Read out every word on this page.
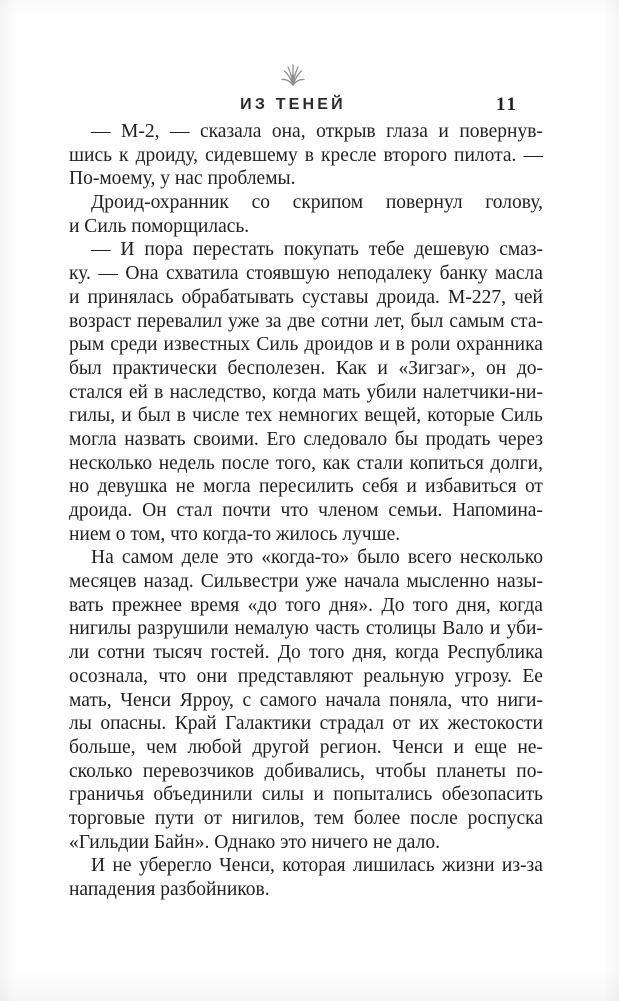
ИЗ ТЕНЕЙ	11
— М-2, — сказала она, открыв глаза и повернув-
шись к дроиду, сидевшему в кресле второго пилота. —
По-моему, у нас проблемы.
Дроид-охранник со скрипом повернул голову,
и Силь поморщилась.
— И пора перестать покупать тебе дешевую смаз-
ку. — Она схватила стоявшую неподалеку банку масла
и принялась обрабатывать суставы дроида. М-227, чей
возраст перевалил уже за две сотни лет, был самым ста-
рым среди известных Силь дроидов и в роли охранника
был практически бесполезен. Как и «Зигзаг», он до-
стался ей в наследство, когда мать убили налетчики-ни-
гилы, и был в числе тех немногих вещей, которые Силь
могла назвать своими. Его следовало бы продать через
несколько недель после того, как стали копиться долги,
но девушка не могла пересилить себя и избавиться от
дроида. Он стал почти что членом семьи. Напомина-
нием о том, что когда-то жилось лучше.
На самом деле это «когда-то» было всего несколько
месяцев назад. Сильвестри уже начала мысленно назы-
вать прежнее время «до того дня». До того дня, когда
нигилы разрушили немалую часть столицы Вало и уби-
ли сотни тысяч гостей. До того дня, когда Республика
осознала, что они представляют реальную угрозу. Ее
мать, Ченси Ярроу, с самого начала поняла, что ниги-
лы опасны. Край Галактики страдал от их жестокости
больше, чем любой другой регион. Ченси и еще не-
сколько перевозчиков добивались, чтобы планеты по-
граничья объединили силы и попытались обезопасить
торговые пути от нигилов, тем более после роспуска
«Гильдии Байн». Однако это ничего не дало.
И не уберегло Ченси, которая лишилась жизни из-за
нападения разбойников.
